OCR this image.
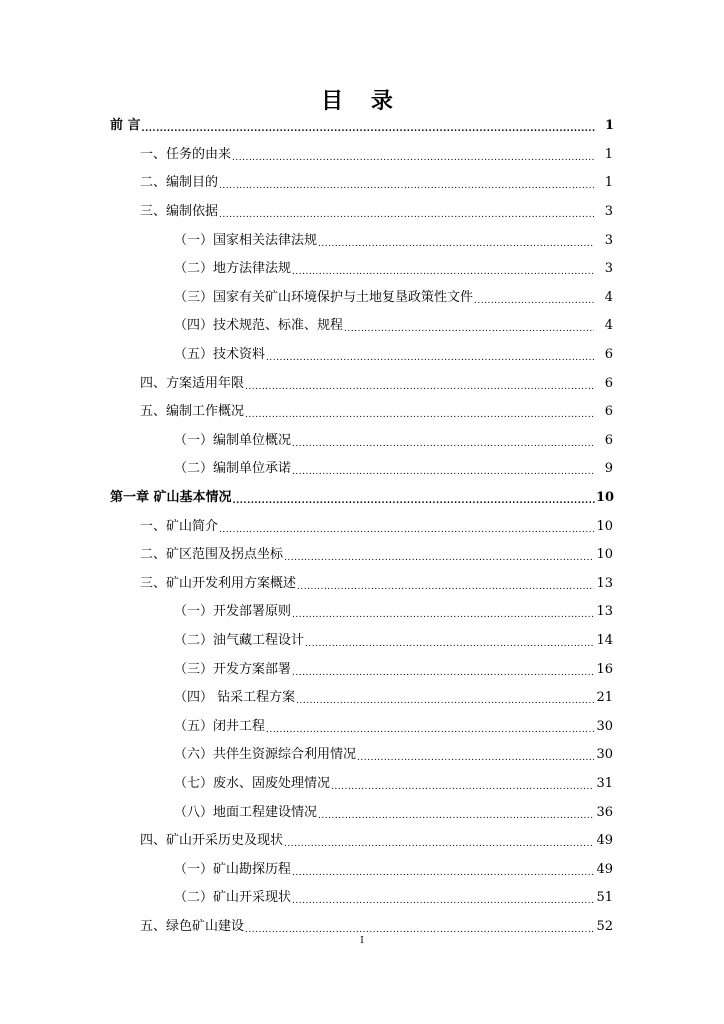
目 录
前 言 .....	1
一、任务的由来 .....	1
二、编制目的 .....	1
三、编制依据 .....	3
（一）国家相关法律法规 .....	3
（二）地方法律法规 .....	3
（三）国家有关矿山环境保护与土地复垦政策性文件 .....	4
（四）技术规范、标准、规程 .....	4
（五）技术资料 .....	6
四、方案适用年限 .....	6
五、编制工作概况 .....	6
（一）编制单位概况 .....	6
（二）编制单位承诺 .....	9
第一章 矿山基本情况 .....	10
一、矿山简介 .....	10
二、矿区范围及拐点坐标 .....	10
三、矿山开发利用方案概述 .....	13
（一）开发部署原则 .....	13
（二）油气藏工程设计 .....	14
（三）开发方案部署 .....	16
（四） 钻采工程方案 .....	21
（五）闭井工程 .....	30
（六）共伴生资源综合利用情况 .....	30
（七）废水、固废处理情况 .....	31
（八）地面工程建设情况 .....	36
四、矿山开采历史及现状 .....	49
（一）矿山勘探历程 .....	49
（二）矿山开采现状 .....	51
五、绿色矿山建设 .....	52
I
